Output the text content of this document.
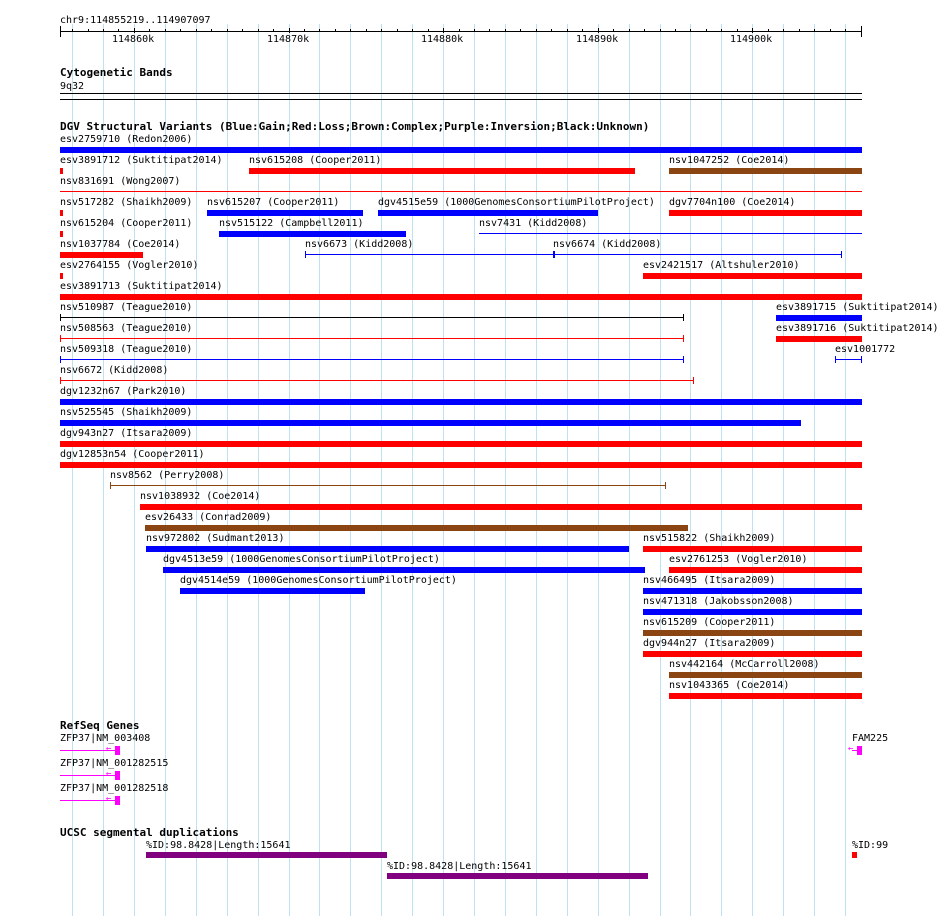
chr9:114855219..114907097
114860k	114870k	114880k	114890k	114900k
Cytogenetic Bands
9q32
DGV Structural Variants (Blue:Gain;Red:Loss;Brown:Complex;Purple:Inversion;Black:Unknown)
esv2759710 (Redon2006)
esv3891712 (Suktitipat2014)	nsv615208 (Cooper2011)	nsv1047252 (Coe2014)
nsv831691 (Wong2007)
nsv517282 (Shaikh2009) nsv615207 (Cooper2011)	dgv4515e59 (1000GenomesConsortiumPilotProject) dgv7704n100 (Coe2014)
nsv615204 (Cooper2011)	nsv515122 (Campbell2011)	nsv7431 (Kidd2008)
nsv1037784 (Coe2014)	nsv6673 (Kidd2008)	nsv6674 (Kidd2008)
esv2764155 (Vogler2010)	esv2421517 (Altshuler2010)
esv3891713 (Suktitipat2014)
nsv510987 (Teague2010)	esv3891715 (Suktitipat2014)
nsv508563 (Teague2010)	esv3891716 (Suktitipat2014)
nsv509318 (Teague2010)	esv1001772
nsv6672 (Kidd2008)
dgv1232n67 (Park2010)
nsv525545 (Shaikh2009)
dgv943n27 (Itsara2009)
dgv12853n54 (Cooper2011)
nsv8562 (Perry2008)
nsv1038932 (Coe2014)
esv26433 (Conrad2009)
nsv972802 (Sudmant2013)	nsv515822 (Shaikh2009)
dgv4513e59 (1000GenomesConsortiumPilotProject)	esv2761253 (Vogler2010)
dgv4514e59 (1000GenomesConsortiumPilotProject)	nsv466495 (Itsara2009)
nsv471318 (Jakobsson2008)
nsv615209 (Cooper2011)
dgv944n27 (Itsara2009)
nsv442164 (McCarroll2008)
nsv1043365 (Coe2014)
RefSeq Genes
ZFP37|NM_003408
←
ZFP37|NM_001282515
←
ZFP37|NM_001282518
←
FAM225
←
UCSC segmental duplications
%ID:98.8428|Length:15641
%ID:98.8428|Length:15641
%ID:99
